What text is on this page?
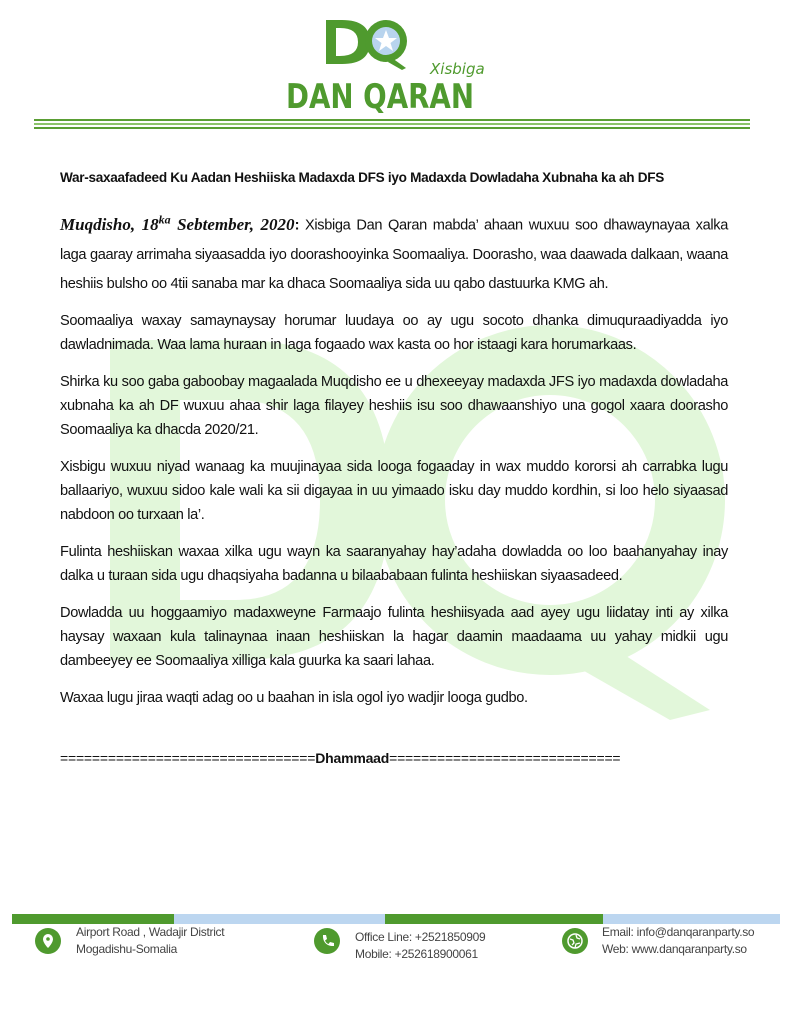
Xisbiga
DAN QARAN
War-saxaafadeed Ku Aadan Heshiiska Madaxda DFS iyo Madaxda Dowladaha Xubnaha ka ah DFS

Muqdisho, $18^{ka}$ Sebtember, 2020: Xisbiga Dan Qaran mabda’ ahaan wuxuu soo dhawaynayaa xalka laga gaaray arrimaha siyaasadda iyo doorashooyinka Soomaaliya. Doorasho, waa daawada dalkaan, waana heshiis bulsho oo 4tii sanaba mar ka dhaca Soomaaliya sida uu qabo dastuurka KMG ah.

Soomaaliya waxay samaynaysay horumar luudaya oo ay ugu socoto dhanka dimuquraadiyadda iyo dawladnimada. Waa lama huraan in laga fogaado wax kasta oo hor istaagi kara horumarkaas.

Shirka ku soo gaba gaboobay magaalada Muqdisho ee u dhexeeyay madaxda JFS iyo madaxda dowladaha xubnaha ka ah DF wuxuu ahaa shir laga filayey heshiis isu soo dhawaanshiyo una gogol xaara doorasho Soomaaliya ka dhacda 2020/21.

Xisbigu wuxuu niyad wanaag ka muujinayaa sida looga fogaaday in wax muddo kororsi ah carrabka lugu ballaariyo, wuxuu sidoo kale wali ka sii digayaa in uu yimaado isku day muddo kordhin, si loo helo siyaasad nabdoon oo turxaan la’.

Fulinta heshiiskan waxaa xilka ugu wayn ka saaranyahay hay’adaha dowladda oo loo baahanyahay inay dalka u turaan sida ugu dhaqsiyaha badanna u bilaababaan fulinta heshiiskan siyaasadeed.

Dowladda uu hoggaamiyo madaxweyne Farmaajo fulinta heshiisyada aad ayey ugu liidatay inti ay xilka haysay waxaan kula talinaynaa inaan heshiiskan la hagar daamin maadaama uu yahay midkii ugu dambeeyey ee Soomaaliya xilliga kala guurka ka saari lahaa.

Waxaa lugu jiraa waqti adag oo u baahan in isla ogol iyo wadjir looga gudbo.

================================Dhammaad=============================
Airport Road , Wadajir District
Mogadishu-Somalia
Office Line: +2521850909
Mobile: +252618900061
Email: info@danqaranparty.so
Web: www.danqaranparty.so
